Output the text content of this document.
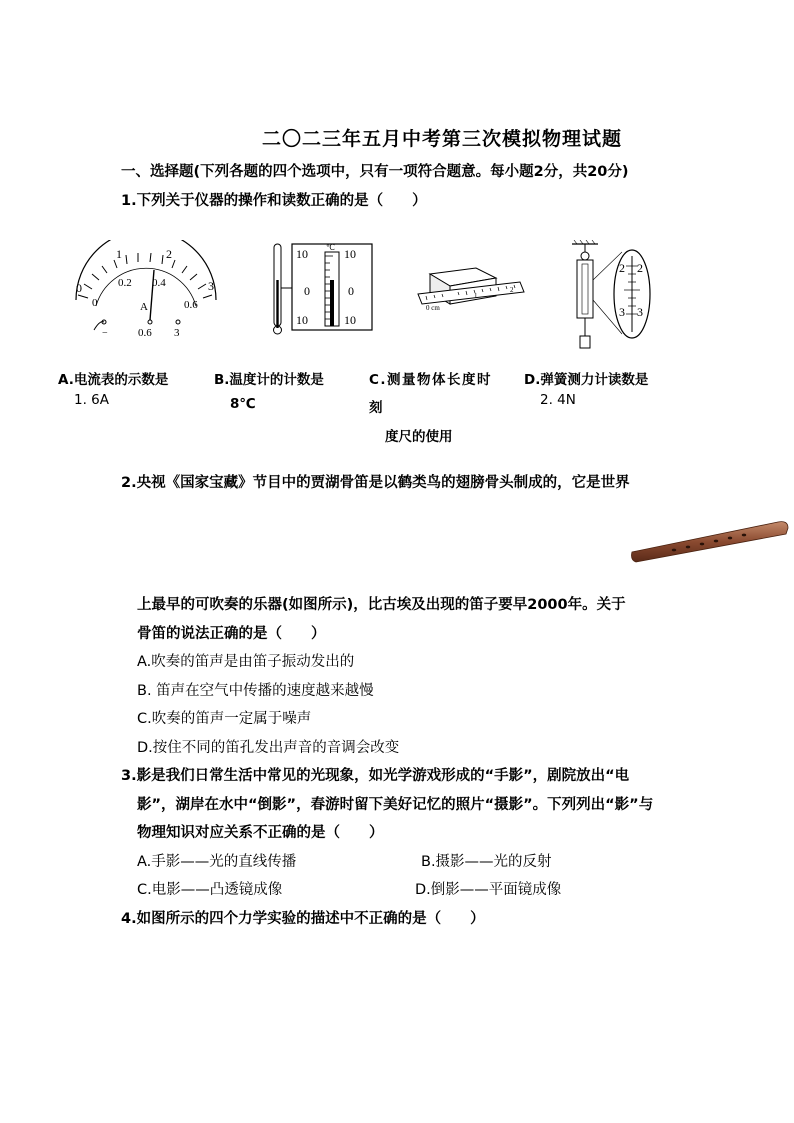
二〇二三年五月中考第三次模拟物理试题
一、选择题(下列各题的四个选项中，只有一项符合题意。每小题2分，共20分)
1.下列关于仪器的操作和读数正确的是（　　）
0
1	2
3
0
0.2 0.4
0.6
A
−	0.6 3
10
0
10
10
0
10
℃
0 cm
1
2
2 2
3 3
A.电流表的示数是
1. 6A
B.温度计的计数是
8℃
C.测量物体长度时
刻
度尺的使用
D.弹簧测力计读数是
2. 4N
2.央视《国家宝藏》节目中的贾湖骨笛是以鹤类鸟的翅膀骨头制成的，它是世界
上最早的可吹奏的乐器(如图所示)，比古埃及出现的笛子要早2000年。关于
骨笛的说法正确的是（　　）
A.吹奏的笛声是由笛子振动发出的
B. 笛声在空气中传播的速度越来越慢
C.吹奏的笛声一定属于噪声
D.按住不同的笛孔发出声音的音调会改变
3.影是我们日常生活中常见的光现象，如光学游戏形成的“手影”，剧院放出“电
影”，湖岸在水中“倒影”，春游时留下美好记忆的照片“摄影”。下列列出“影”与
物理知识对应关系不正确的是（　　）
A.手影——光的直线传播	B.摄影——光的反射
C.电影——凸透镜成像	D.倒影——平面镜成像
4.如图所示的四个力学实验的描述中不正确的是（　　）
